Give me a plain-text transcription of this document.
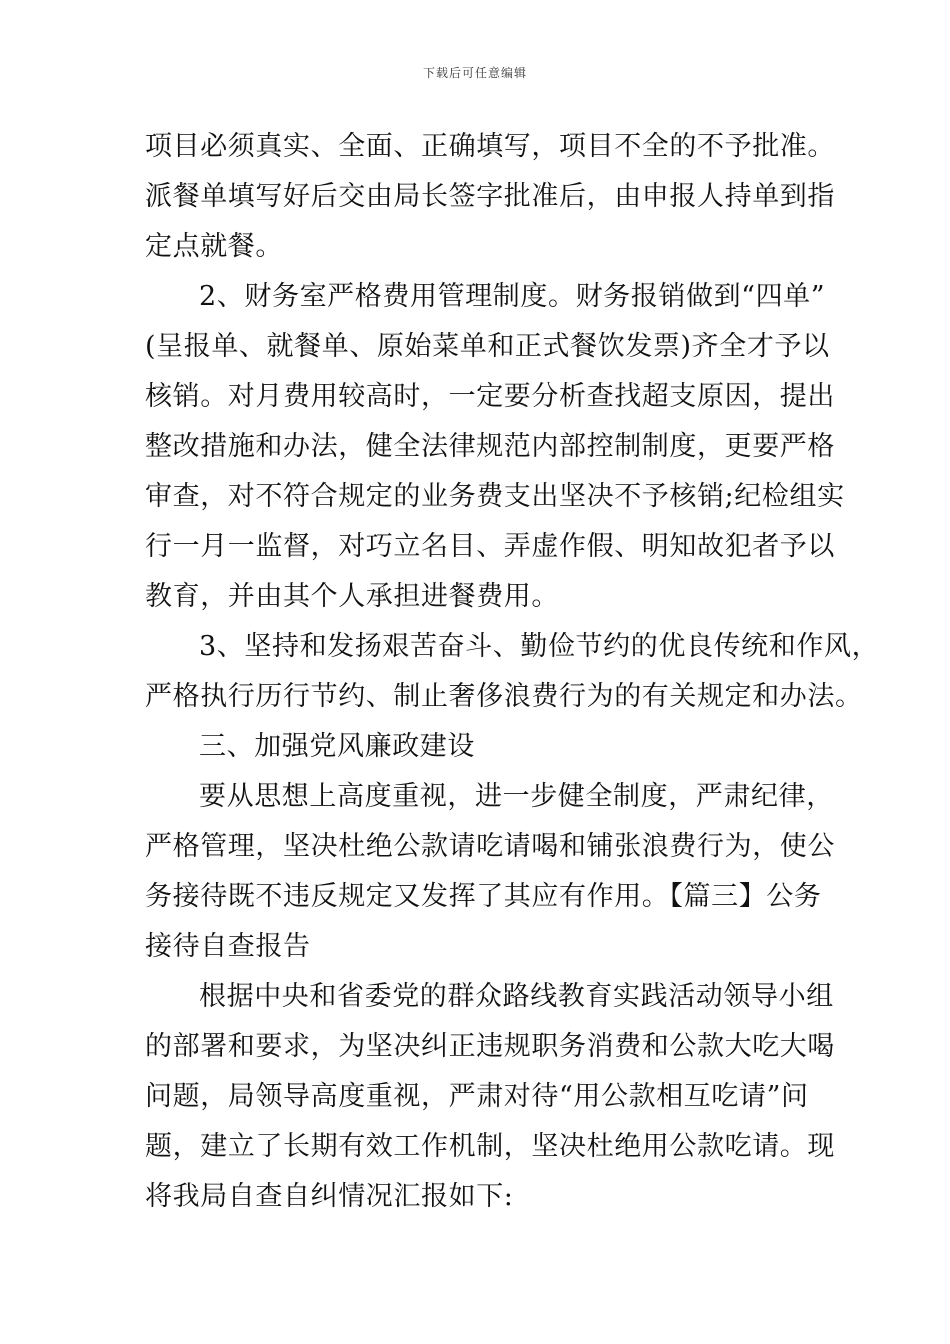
下载后可任意编辑
项目必须真实、全面、正确填写，项目不全的不予批准。
派餐单填写好后交由局长签字批准后，由申报人持单到指
定点就餐。
2、财务室严格费用管理制度。财务报销做到“四单”
(呈报单、就餐单、原始菜单和正式餐饮发票)齐全才予以
核销。对月费用较高时，一定要分析查找超支原因，提出
整改措施和办法，健全法律规范内部控制制度，更要严格
审查，对不符合规定的业务费支出坚决不予核销;纪检组实
行一月一监督，对巧立名目、弄虚作假、明知故犯者予以
教育，并由其个人承担进餐费用。
3、坚持和发扬艰苦奋斗、勤俭节约的优良传统和作风，
严格执行历行节约、制止奢侈浪费行为的有关规定和办法。
三、加强党风廉政建设
要从思想上高度重视，进一步健全制度，严肃纪律，
严格管理，坚决杜绝公款请吃请喝和铺张浪费行为，使公
务接待既不违反规定又发挥了其应有作用。【篇三】公务
接待自查报告
根据中央和省委党的群众路线教育实践活动领导小组
的部署和要求，为坚决纠正违规职务消费和公款大吃大喝
问题，局领导高度重视，严肃对待“用公款相互吃请”问
题，建立了长期有效工作机制，坚决杜绝用公款吃请。现
将我局自查自纠情况汇报如下:
